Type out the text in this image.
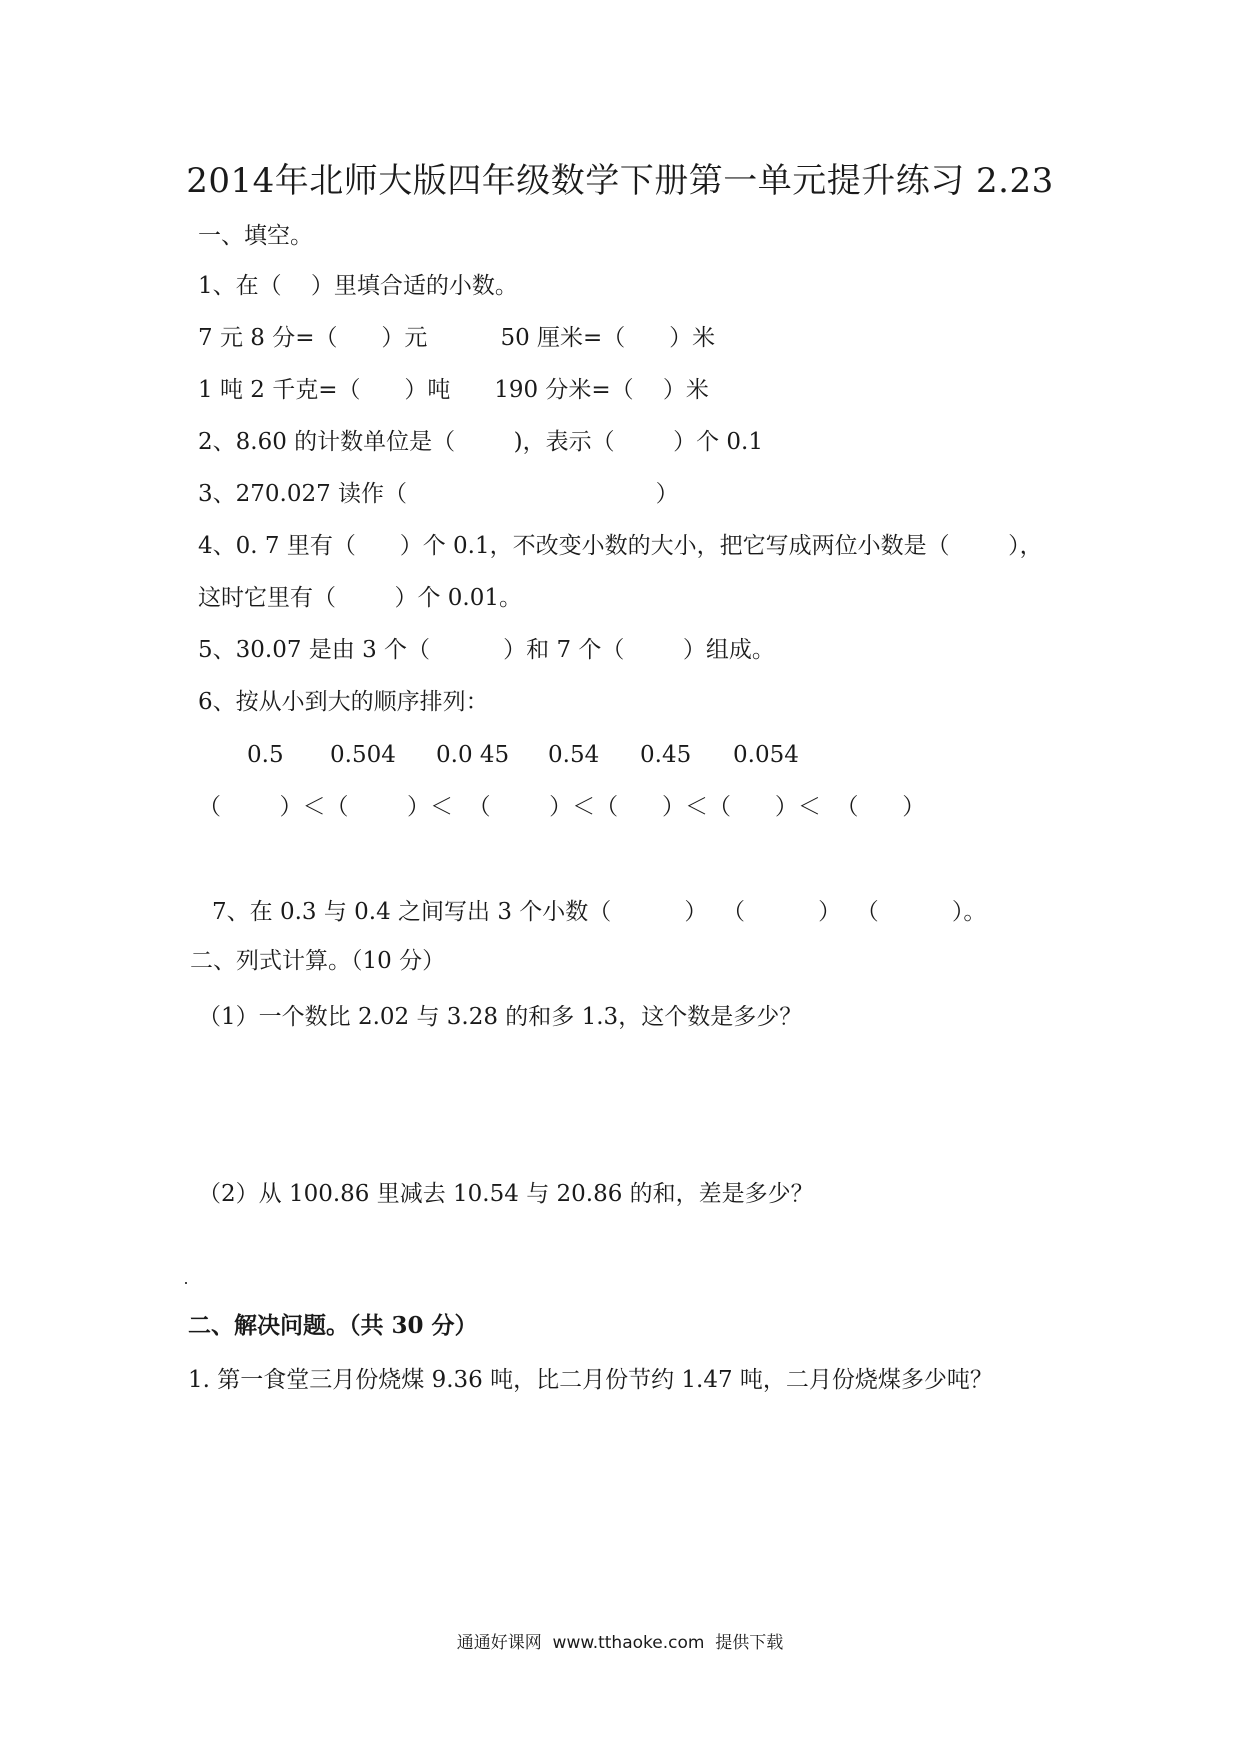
2014年北师大版四年级数学下册第一单元提升练习 2.23
一、填空。
1、在（    ）里填合适的小数。
7 元 8 分=（      ）元          50 厘米=（      ）米
1 吨 2 千克=（      ）吨      190 分米=（    ）米
2、8.60 的计数单位是（        )，表示（        ）个 0.1
3、270.027 读作（                                  ）
4、0. 7 里有（      ）个 0.1，不改变小数的大小，把它写成两位小数是（        ），
这时它里有（        ）个 0.01。
5、30.07 是由 3 个（          ）和 7 个（        ）组成。
6、按从小到大的顺序排列：
0.5 0.504 0.0 45 0.54 0.45 0.054
（        ）＜（        ）＜  （        ）＜（      ）＜（      ）＜  （      ）
7、在 0.3 与 0.4 之间写出 3 个小数（          ）  （          ）  （          ）。
二、列式计算。（10 分）
（1）一个数比 2.02 与 3.28 的和多 1.3，这个数是多少？
（2）从 100.86 里减去 10.54 与 20.86 的和，差是多少？
二、解决问题。（共 30 分）
1. 第一食堂三月份烧煤 9.36 吨，比二月份节约 1.47 吨，二月份烧煤多少吨？
通通好课网  www.tthaoke.com  提供下载
